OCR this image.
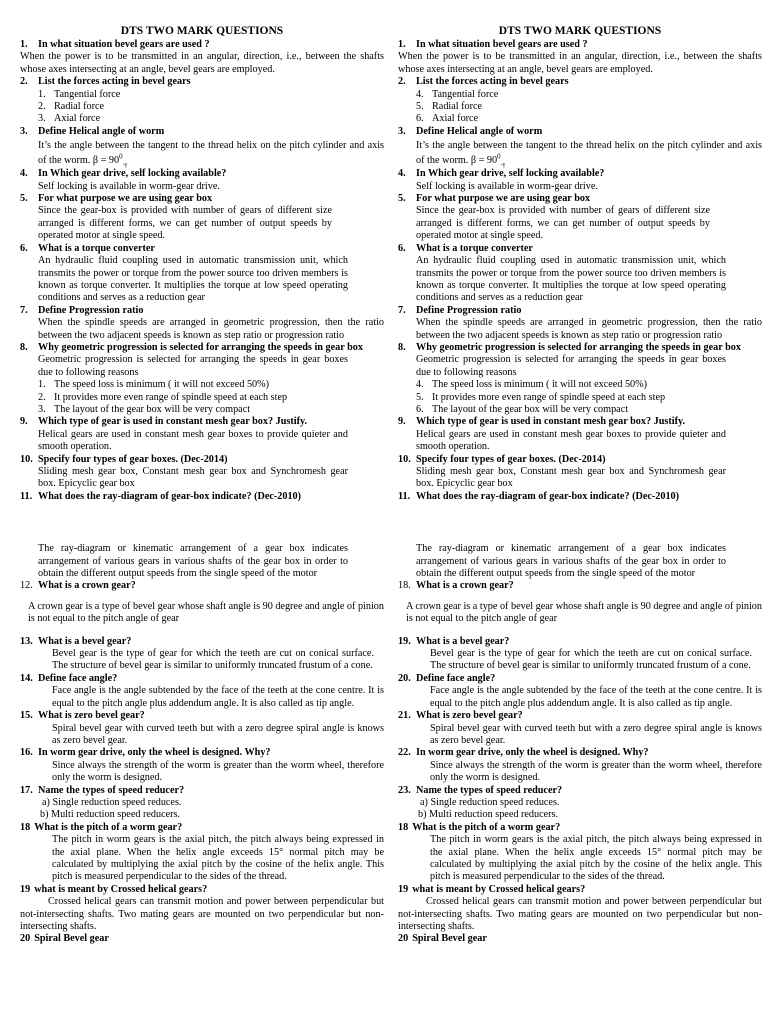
DTS TWO MARK QUESTIONS
1.	In what situation bevel gears are used ?
When the power is to be transmitted in an angular, direction, i.e., between the shafts whose axes intersecting at an angle, bevel gears are employed.
2.	List the forces acting in bevel gears
1. Tangential force
2. Radial force
3. Axial force
3.	Define Helical angle of worm
It’s the angle between the tangent to the thread helix on the pitch cylinder and axis of the worm. $\beta = 90^0_{-\gamma}$
4.	In Which gear drive, self locking available?
Self locking is available in worm-gear drive.
5.	For what purpose we are using gear box
Since the gear-box is provided with number of gears of different size arranged is different forms, we can get number of output speeds by operated motor at single speed.
6.	What is a torque converter
An hydraulic fluid coupling used in automatic transmission unit, which transmits the power or torque from the power source too driven members is known as torque converter. It multiplies the torque at low speed operating conditions and serves as a reduction gear
7.	Define Progression ratio
When the spindle speeds are arranged in geometric progression, then the ratio between the two adjacent speeds is known as step ratio or progression ratio
8.	Why geometric progression is selected for arranging the speeds in gear box
Geometric progression is selected for arranging the speeds in gear boxes due to following reasons
1. The speed loss is minimum ( it will not exceed 50%)
2. It provides more even range of spindle speed at each step
3. The layout of the gear box will be very compact
9.	Which type of gear is used in constant mesh gear box? Justify.
Helical gears are used in constant mesh gear boxes to provide quieter and smooth operation.
10. Specify four types of gear boxes. (Dec-2014)
Sliding mesh gear box, Constant mesh gear box and Synchromesh gear box. Epicyclic gear box
11. What does the ray-diagram of gear-box indicate? (Dec-2010)
The ray-diagram or kinematic arrangement of a gear box indicates arrangement of various gears in various shafts of the gear box in order to obtain the different output speeds from the single speed of the motor
12. What is a crown gear?
A crown gear is a type of bevel gear whose shaft angle is 90 degree and angle of pinion is not equal to the pitch angle of gear
13. What is a bevel gear?
Bevel gear is the type of gear for which the teeth are cut on conical surface. The structure of bevel gear is similar to uniformly truncated frustum of a cone.
14. Define face angle?
Face angle is the angle subtended by the face of the teeth at the cone centre. It is equal to the pitch angle plus addendum angle. It is also called as tip angle.
15. What is zero bevel gear?
Spiral bevel gear with curved teeth but with a zero degree spiral angle is knows as zero bevel gear.
16. In worm gear drive, only the wheel is designed. Why?
Since always the strength of the worm is greater than the worm wheel, therefore only the worm is designed.
17. Name the types of speed reducer?
a) Single reduction speed reduces.
b) Multi reduction speed reducers.
18 What is the pitch of a worm gear?
The pitch in worm gears is the axial pitch, the pitch always being expressed in the axial plane. When the helix angle exceeds 15° normal pitch may be calculated by multiplying the axial pitch by the cosine of the helix angle. This pitch is measured perpendicular to the sides of the thread.
19 what is meant by Crossed helical gears?
Crossed helical gears can transmit motion and power between perpendicular but not-intersecting shafts. Two mating gears are mounted on two perpendicular but non-intersecting shafts.
20 Spiral Bevel gear
DTS TWO MARK QUESTIONS
1.	In what situation bevel gears are used ?
When the power is to be transmitted in an angular, direction, i.e., between the shafts whose axes intersecting at an angle, bevel gears are employed.
2.	List the forces acting in bevel gears
4. Tangential force
5. Radial force
6. Axial force
3.	Define Helical angle of worm
It’s the angle between the tangent to the thread helix on the pitch cylinder and axis of the worm. $\beta = 90^0_{-\gamma}$
4.	In Which gear drive, self locking available?
Self locking is available in worm-gear drive.
5.	For what purpose we are using gear box
Since the gear-box is provided with number of gears of different size arranged is different forms, we can get number of output speeds by operated motor at single speed.
6.	What is a torque converter
An hydraulic fluid coupling used in automatic transmission unit, which transmits the power or torque from the power source too driven members is known as torque converter. It multiplies the torque at low speed operating conditions and serves as a reduction gear
7.	Define Progression ratio
When the spindle speeds are arranged in geometric progression, then the ratio between the two adjacent speeds is known as step ratio or progression ratio
8.	Why geometric progression is selected for arranging the speeds in gear box
Geometric progression is selected for arranging the speeds in gear boxes due to following reasons
4. The speed loss is minimum ( it will not exceed 50%)
5. It provides more even range of spindle speed at each step
6. The layout of the gear box will be very compact
9.	Which type of gear is used in constant mesh gear box? Justify.
Helical gears are used in constant mesh gear boxes to provide quieter and smooth operation.
10. Specify four types of gear boxes. (Dec-2014)
Sliding mesh gear box, Constant mesh gear box and Synchromesh gear box. Epicyclic gear box
11. What does the ray-diagram of gear-box indicate? (Dec-2010)
The ray-diagram or kinematic arrangement of a gear box indicates arrangement of various gears in various shafts of the gear box in order to obtain the different output speeds from the single speed of the motor
18. What is a crown gear?
A crown gear is a type of bevel gear whose shaft angle is 90 degree and angle of pinion is not equal to the pitch angle of gear
19. What is a bevel gear?
Bevel gear is the type of gear for which the teeth are cut on conical surface. The structure of bevel gear is similar to uniformly truncated frustum of a cone.
20. Define face angle?
Face angle is the angle subtended by the face of the teeth at the cone centre. It is equal to the pitch angle plus addendum angle. It is also called as tip angle.
21. What is zero bevel gear?
Spiral bevel gear with curved teeth but with a zero degree spiral angle is knows as zero bevel gear.
22. In worm gear drive, only the wheel is designed. Why?
Since always the strength of the worm is greater than the worm wheel, therefore only the worm is designed.
23. Name the types of speed reducer?
a) Single reduction speed reduces.
b) Multi reduction speed reducers.
18 What is the pitch of a worm gear?
The pitch in worm gears is the axial pitch, the pitch always being expressed in the axial plane. When the helix angle exceeds 15° normal pitch may be calculated by multiplying the axial pitch by the cosine of the helix angle. This pitch is measured perpendicular to the sides of the thread.
19 what is meant by Crossed helical gears?
Crossed helical gears can transmit motion and power between perpendicular but not-intersecting shafts. Two mating gears are mounted on two perpendicular but non-intersecting shafts.
20 Spiral Bevel gear
